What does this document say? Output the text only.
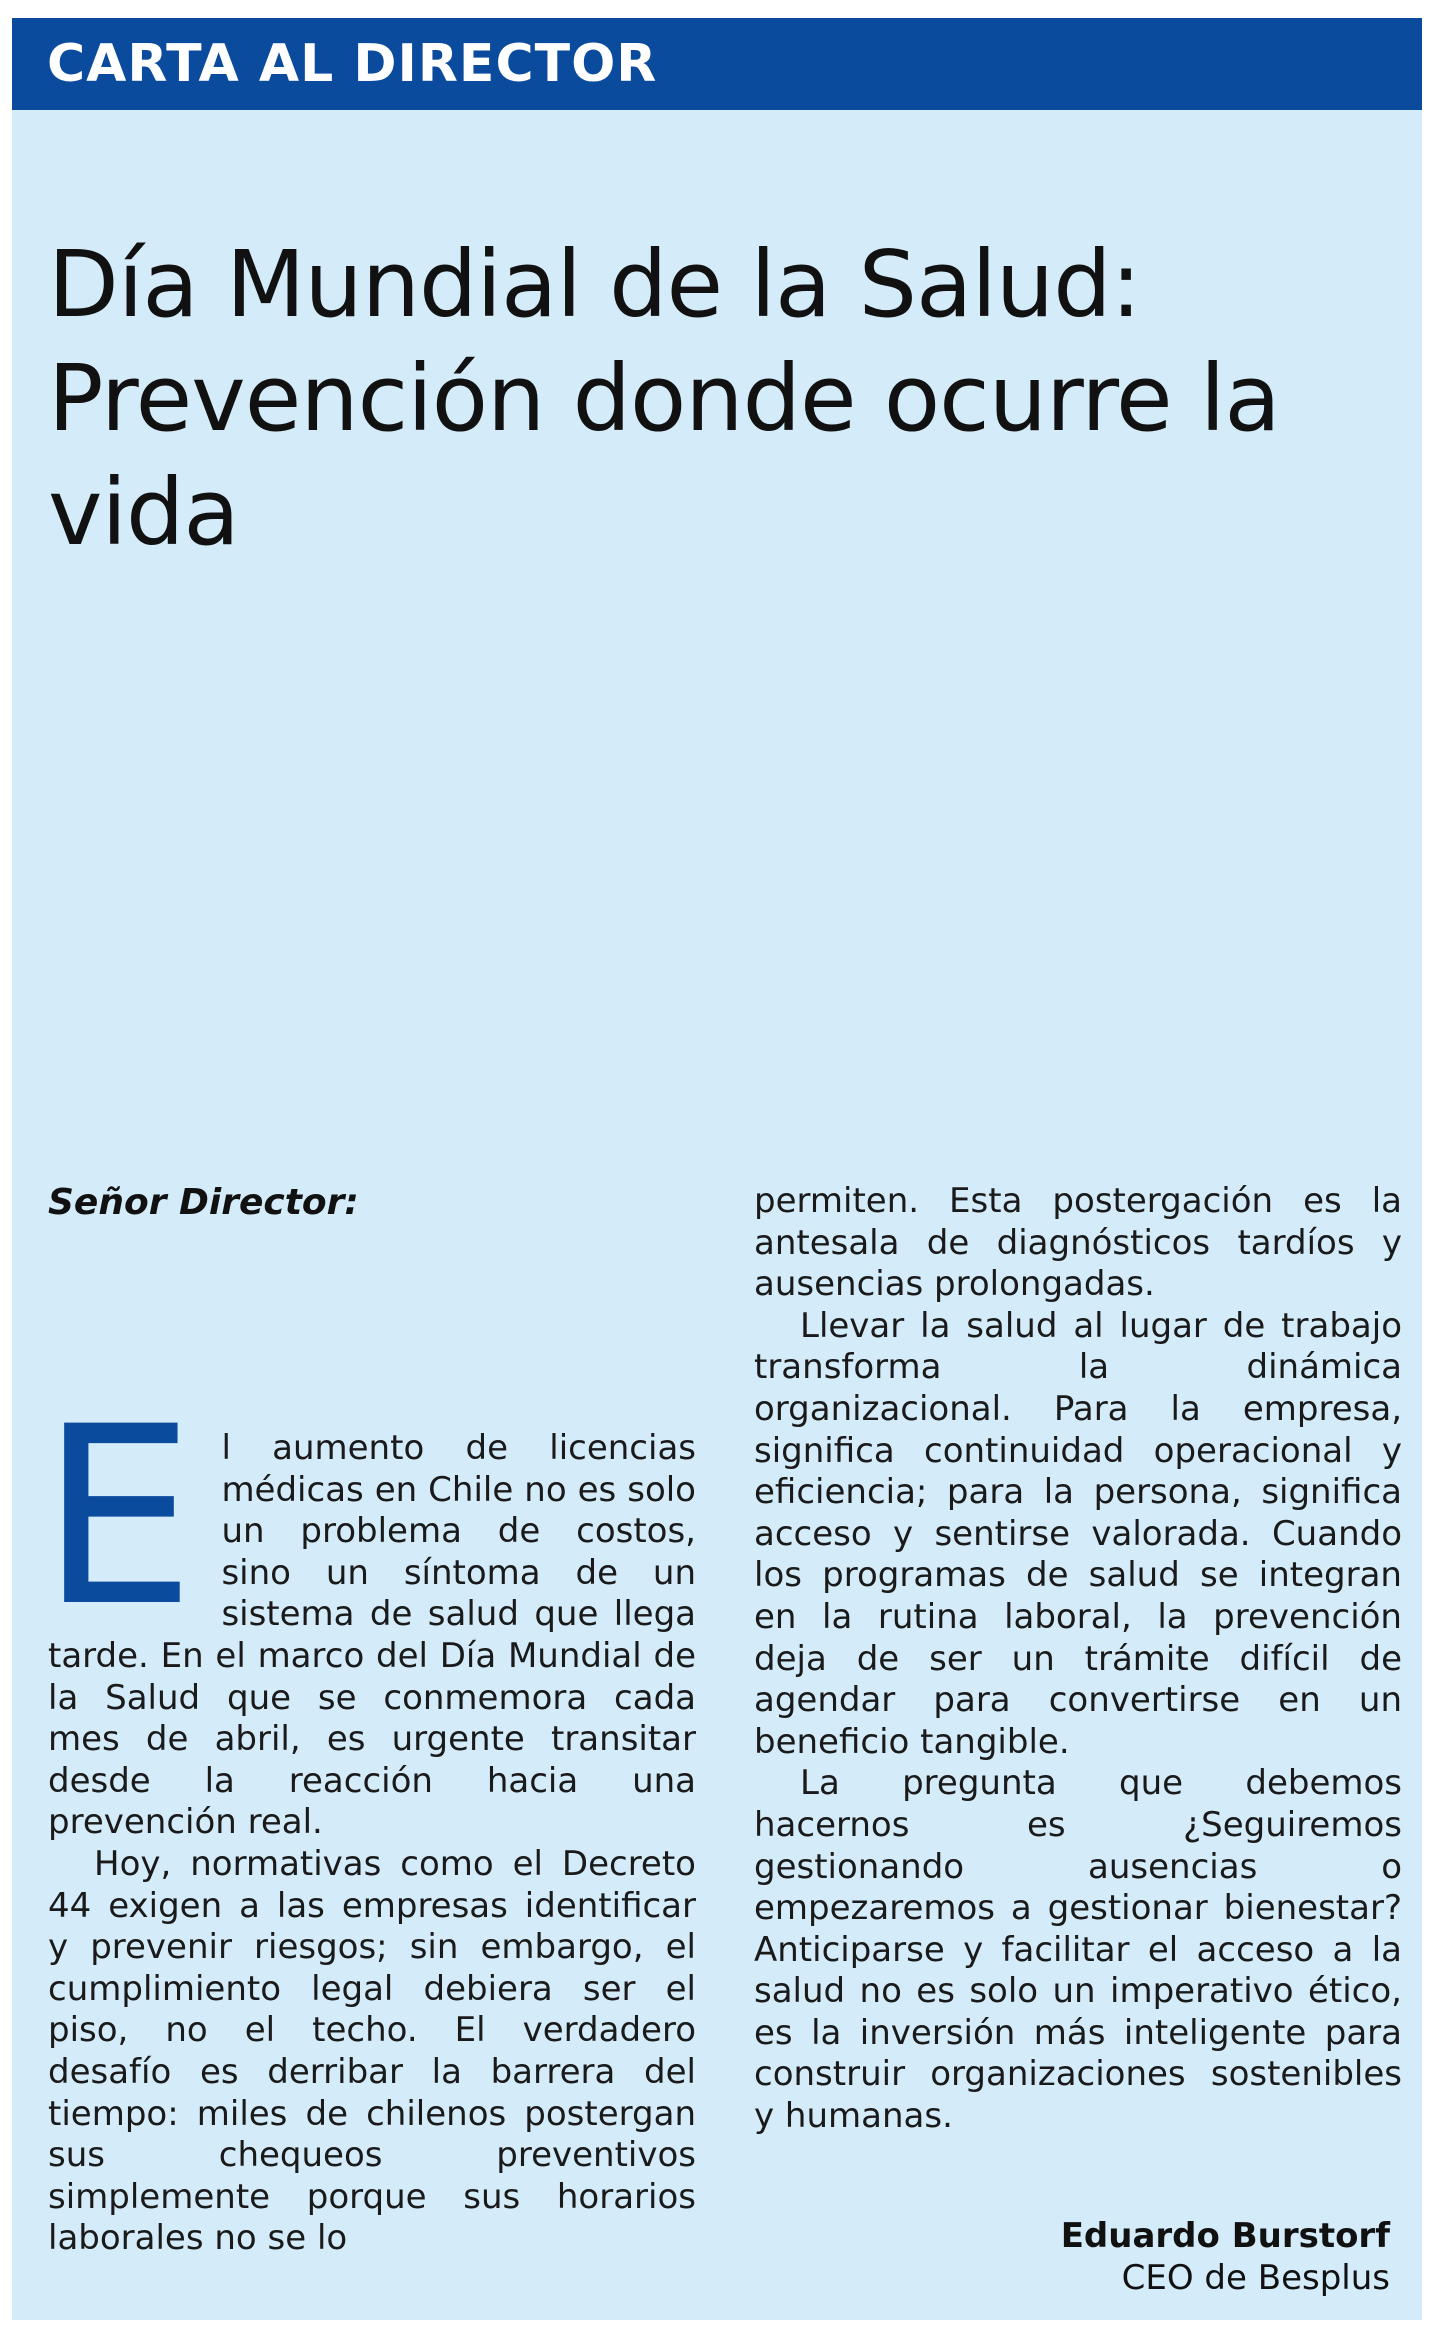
CARTA AL DIRECTOR
Día Mundial de la Salud: Prevención donde ocurre la vida
Señor Director:

El aumento de licencias médicas en Chile no es solo un problema de costos, sino un síntoma de un sistema de salud que llega tarde. En el marco del Día Mundial de la Salud que se conmemora cada mes de abril, es urgente transitar desde la reacción hacia una prevención real.

Hoy, normativas como el Decreto 44 exigen a las empresas identificar y prevenir riesgos; sin embargo, el cumplimiento legal debiera ser el piso, no el techo. El verdadero desafío es derribar la barrera del tiempo: miles de chilenos postergan sus chequeos preventivos simplemente porque sus horarios laborales no se lo

permiten. Esta postergación es la antesala de diagnósticos tardíos y ausencias prolongadas.

Llevar la salud al lugar de trabajo transforma la dinámica organizacional. Para la empresa, significa continuidad operacional y eficiencia; para la persona, significa acceso y sentirse valorada. Cuando los programas de salud se integran en la rutina laboral, la prevención deja de ser un trámite difícil de agendar para convertirse en un beneficio tangible.

La pregunta que debemos hacernos es ¿Seguiremos gestionando ausencias o empezaremos a gestionar bienestar? Anticiparse y facilitar el acceso a la salud no es solo un imperativo ético, es la inversión más inteligente para construir organizaciones sostenibles y humanas.

Eduardo Burstorf
CEO de Besplus
